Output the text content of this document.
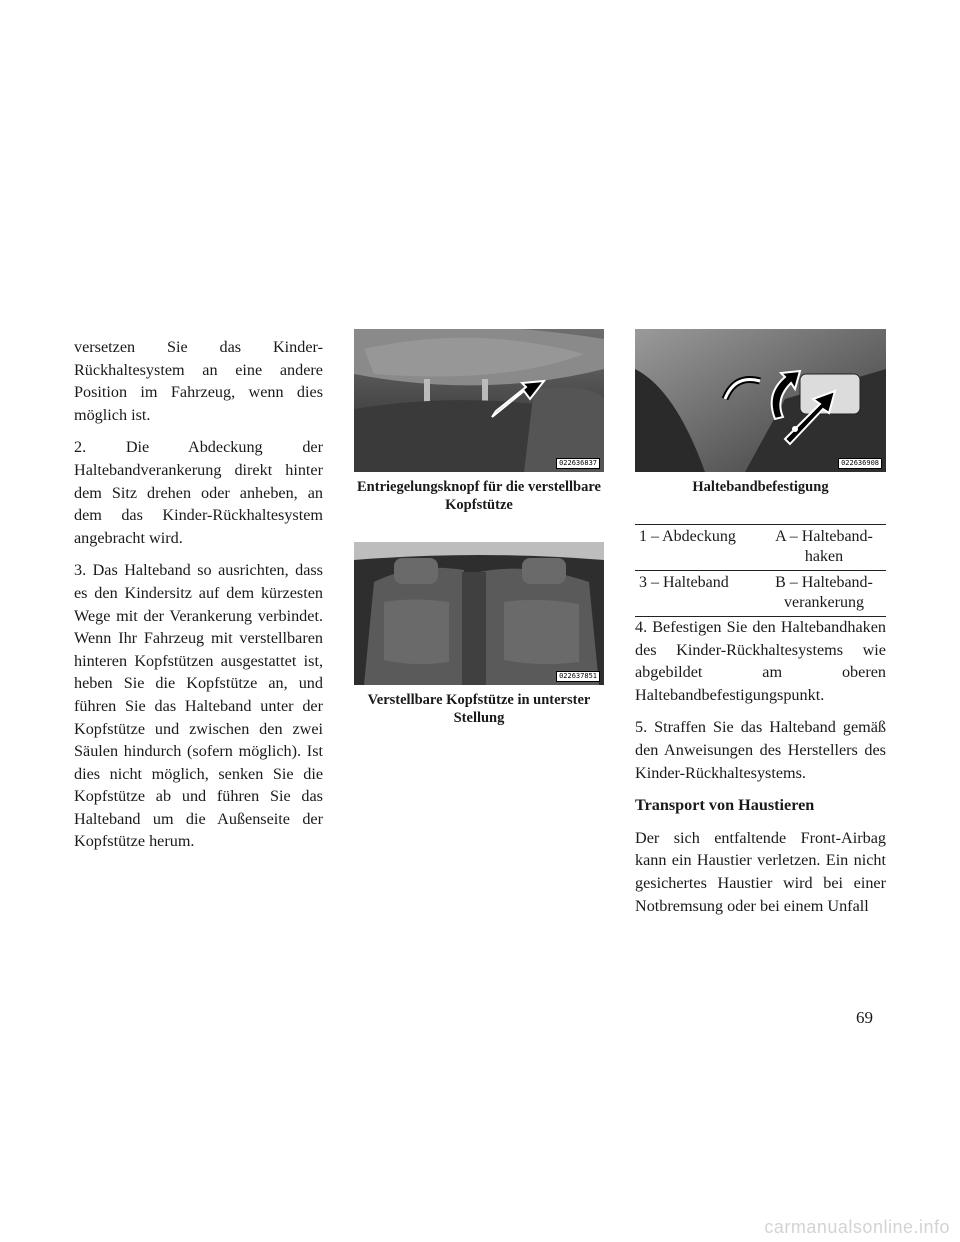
versetzen Sie das Kinder-Rückhaltesystem an eine andere Position im Fahrzeug, wenn dies möglich ist.

2. Die Abdeckung der Haltebandverankerung direkt hinter dem Sitz drehen oder anheben, an dem das Kinder-Rückhaltesystem angebracht wird.

3. Das Halteband so ausrichten, dass es den Kindersitz auf dem kürzesten Wege mit der Verankerung verbindet. Wenn Ihr Fahrzeug mit verstellbaren hinteren Kopfstützen ausgestattet ist, heben Sie die Kopfstütze an, und führen Sie das Halteband unter der Kopfstütze und zwischen den zwei Säulen hindurch (sofern möglich). Ist dies nicht möglich, senken Sie die Kopfstütze ab und führen Sie das Halteband um die Außenseite der Kopfstütze herum.

022636837
Entriegelungsknopf für die verstellbare Kopfstütze
022637851
Verstellbare Kopfstütze in unterster Stellung
022636908
Haltebandbefestigung
1 – Abdeckung	A – Halteband-haken
3 – Halteband	B – Halteband-verankerung

4. Befestigen Sie den Haltebandhaken des Kinder-Rückhaltesystems wie abgebildet am oberen Haltebandbefestigungspunkt.

5. Straffen Sie das Halteband gemäß den Anweisungen des Herstellers des Kinder-Rückhaltesystems.

Transport von Haustieren

Der sich entfaltende Front-Airbag kann ein Haustier verletzen. Ein nicht gesichertes Haustier wird bei einer Notbremsung oder bei einem Unfall

69
carmanualsonline.info
